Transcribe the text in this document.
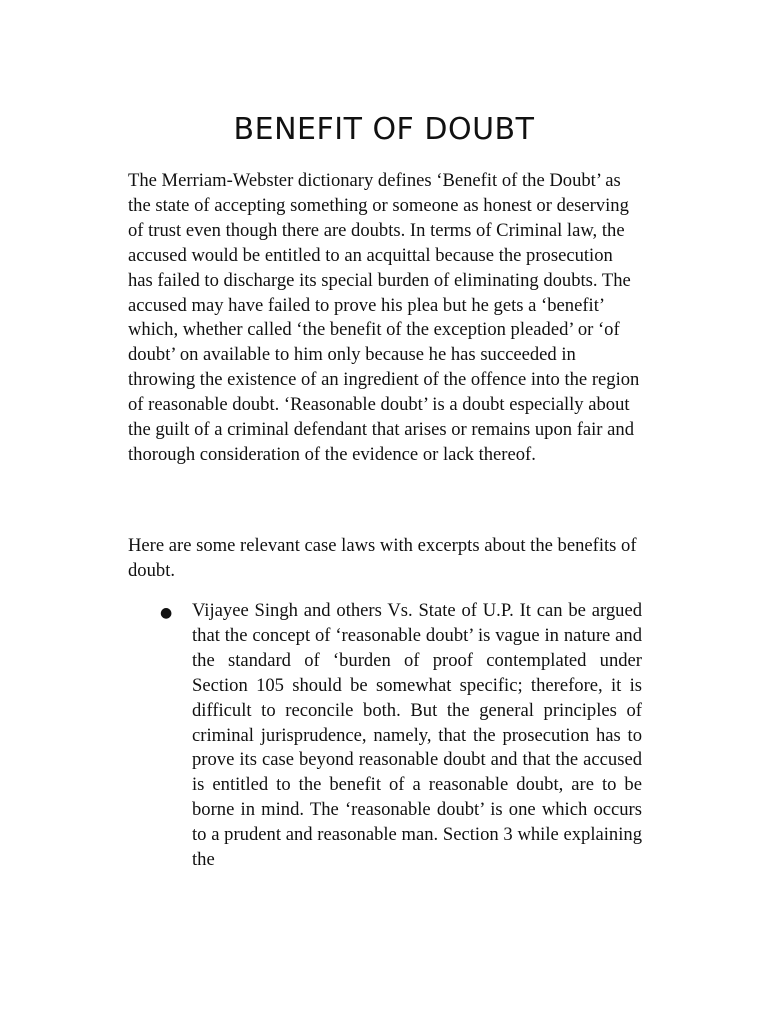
BENEFIT OF DOUBT

The Merriam-Webster dictionary defines ‘Benefit of the Doubt’ as the state of accepting something or someone as honest or deserving of trust even though there are doubts. In terms of Criminal law, the accused would be entitled to an acquittal because the prosecution has failed to discharge its special burden of eliminating doubts. The accused may have failed to prove his plea but he gets a ‘benefit’ which, whether called ‘the benefit of the exception pleaded’ or ‘of doubt’ on available to him only because he has succeeded in throwing the existence of an ingredient of the offence into the region of reasonable doubt. ‘Reasonable doubt’ is a doubt especially about the guilt of a criminal defendant that arises or remains upon fair and thorough consideration of the evidence or lack thereof.

Here are some relevant case laws with excerpts about the benefits of doubt.

● Vijayee Singh and others Vs. State of U.P. It can be argued that the concept of ‘reasonable doubt’ is vague in nature and the standard of ‘burden of proof contemplated under Section 105 should be somewhat specific; therefore, it is difficult to reconcile both. But the general principles of criminal jurisprudence, namely, that the prosecution has to prove its case beyond reasonable doubt and that the accused is entitled to the benefit of a reasonable doubt, are to be borne in mind. The ‘reasonable doubt’ is one which occurs to a prudent and reasonable man. Section 3 while explaining the
